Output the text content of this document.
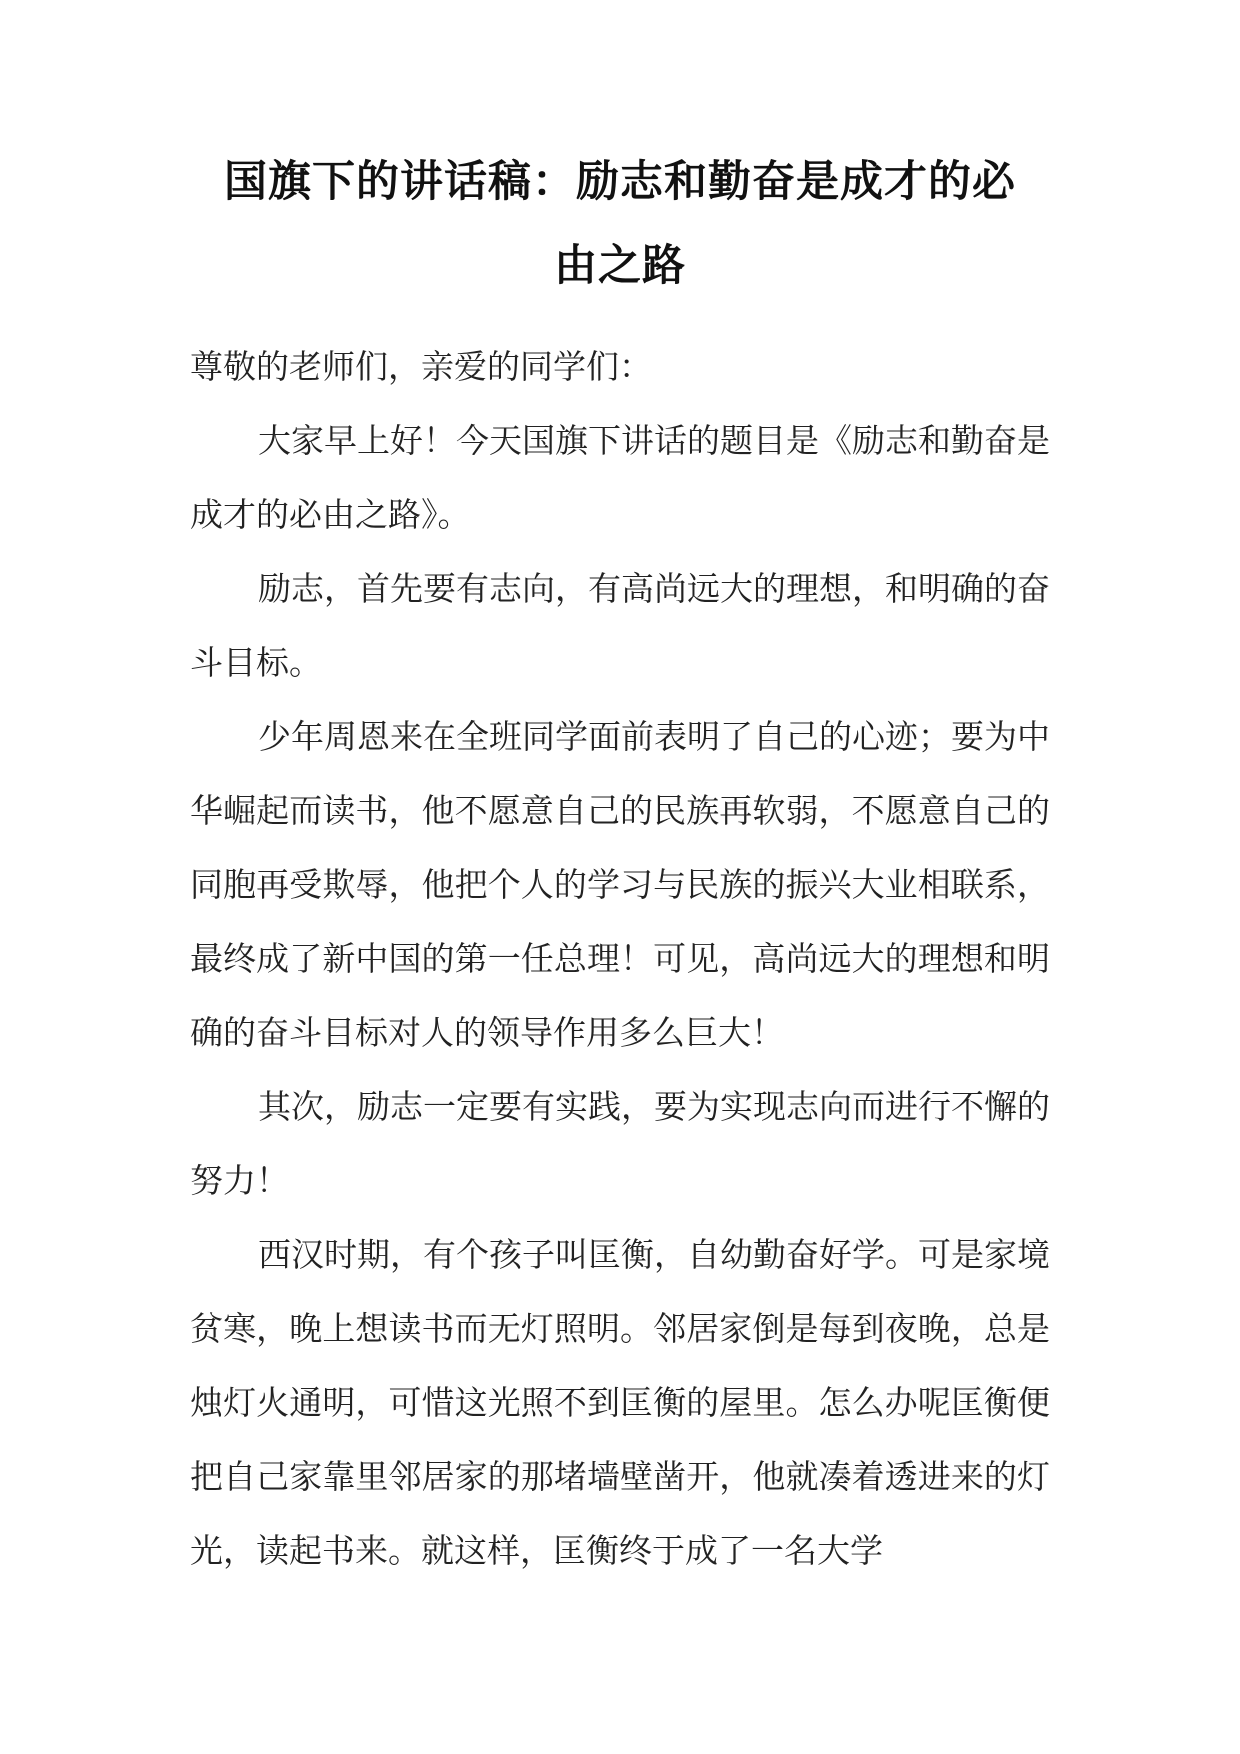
国旗下的讲话稿：励志和勤奋是成才的必
由之路

尊敬的老师们，亲爱的同学们：

大家早上好！今天国旗下讲话的题目是《励志和勤奋是成才的必由之路》。

励志，首先要有志向，有高尚远大的理想，和明确的奋斗目标。

少年周恩来在全班同学面前表明了自己的心迹；要为中华崛起而读书，他不愿意自己的民族再软弱，不愿意自己的同胞再受欺辱，他把个人的学习与民族的振兴大业相联系，最终成了新中国的第一任总理！可见，高尚远大的理想和明确的奋斗目标对人的领导作用多么巨大！

其次，励志一定要有实践，要为实现志向而进行不懈的努力！

西汉时期，有个孩子叫匡衡，自幼勤奋好学。可是家境贫寒，晚上想读书而无灯照明。邻居家倒是每到夜晚，总是烛灯火通明，可惜这光照不到匡衡的屋里。怎么办呢匡衡便把自己家靠里邻居家的那堵墙壁凿开，他就凑着透进来的灯光，读起书来。就这样，匡衡终于成了一名大学
